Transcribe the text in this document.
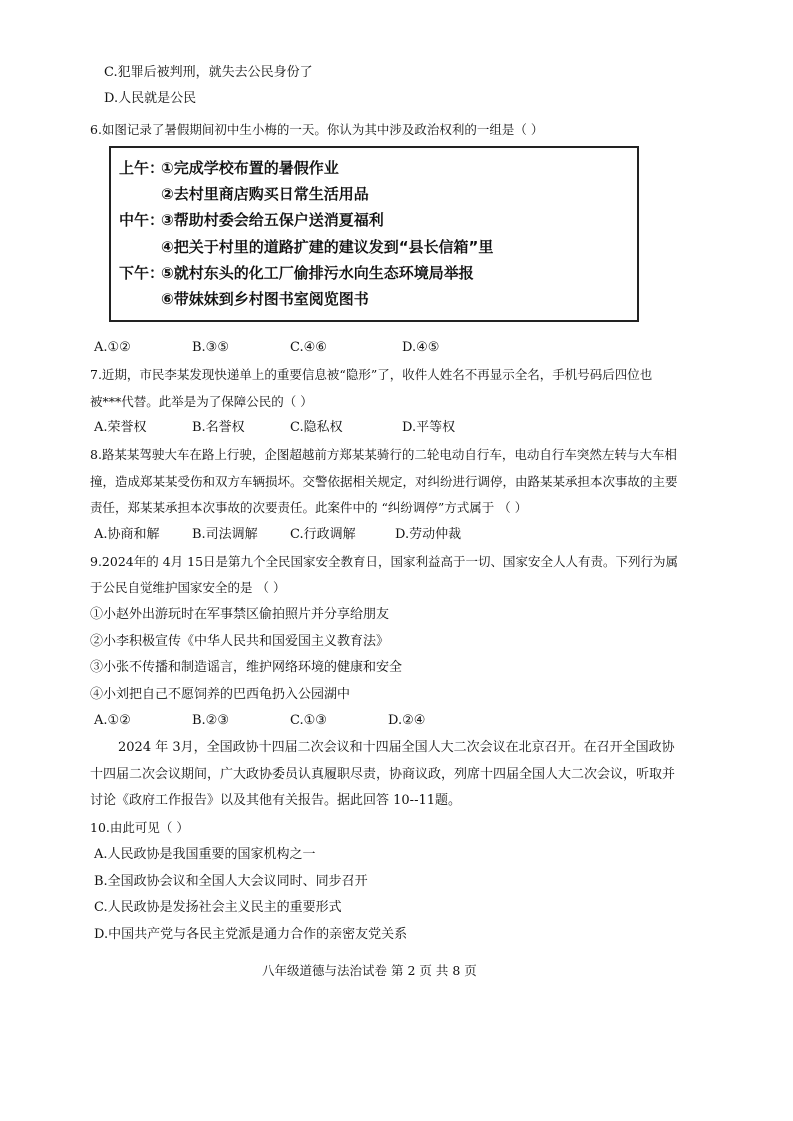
C.犯罪后被判刑，就失去公民身份了
D.人民就是公民
6.如图记录了暑假期间初中生小梅的一天。你认为其中涉及政治权利的一组是（ ）
上午：
①完成学校布置的暑假作业
②去村里商店购买日常生活用品
中午：
③帮助村委会给五保户送消夏福利
④把关于村里的道路扩建的建议发到“县长信箱”里
下午：
⑤就村东头的化工厂偷排污水向生态环境局举报
⑥带妹妹到乡村图书室阅览图书
A.①②	B.③⑤	C.④⑥	D.④⑤
7.近期，市民李某发现快递单上的重要信息被“隐形”了，收件人姓名不再显示全名，手机号码后四位也
被***代替。此举是为了保障公民的（ ）
A.荣誉权	B.名誉权	C.隐私权	D.平等权
8.路某某驾驶大车在路上行驶，企图超越前方郑某某骑行的二轮电动自行车，电动自行车突然左转与大车相
撞，造成郑某某受伤和双方车辆损坏。交警依据相关规定，对纠纷进行调停，由路某某承担本次事故的主要
责任，郑某某承担本次事故的次要责任。此案件中的 “纠纷调停”方式属于 （ ）
A.协商和解 B.司法调解 C.行政调解	D.劳动仲裁
9.2024年的 4月 15日是第九个全民国家安全教育日，国家利益高于一切、国家安全人人有责。下列行为属
于公民自觉维护国家安全的是 （ ）
①小赵外出游玩时在军事禁区偷拍照片并分享给朋友
②小李积极宣传《中华人民共和国爱国主义教育法》
③小张不传播和制造谣言，维护网络环境的健康和安全
④小刘把自己不愿饲养的巴西龟扔入公园湖中
A.①②	B.②③	C.①③	D.②④
2024 年 3月，全国政协十四届二次会议和十四届全国人大二次会议在北京召开。在召开全国政协
十四届二次会议期间，广大政协委员认真履职尽责，协商议政，列席十四届全国人大二次会议，听取并
讨论《政府工作报告》以及其他有关报告。据此回答 10--11题。
10.由此可见（ ）
A.人民政协是我国重要的国家机构之一
B.全国政协会议和全国人大会议同时、同步召开
C.人民政协是发扬社会主义民主的重要形式
D.中国共产党与各民主党派是通力合作的亲密友党关系
八年级道德与法治试卷 第 2 页 共 8 页
